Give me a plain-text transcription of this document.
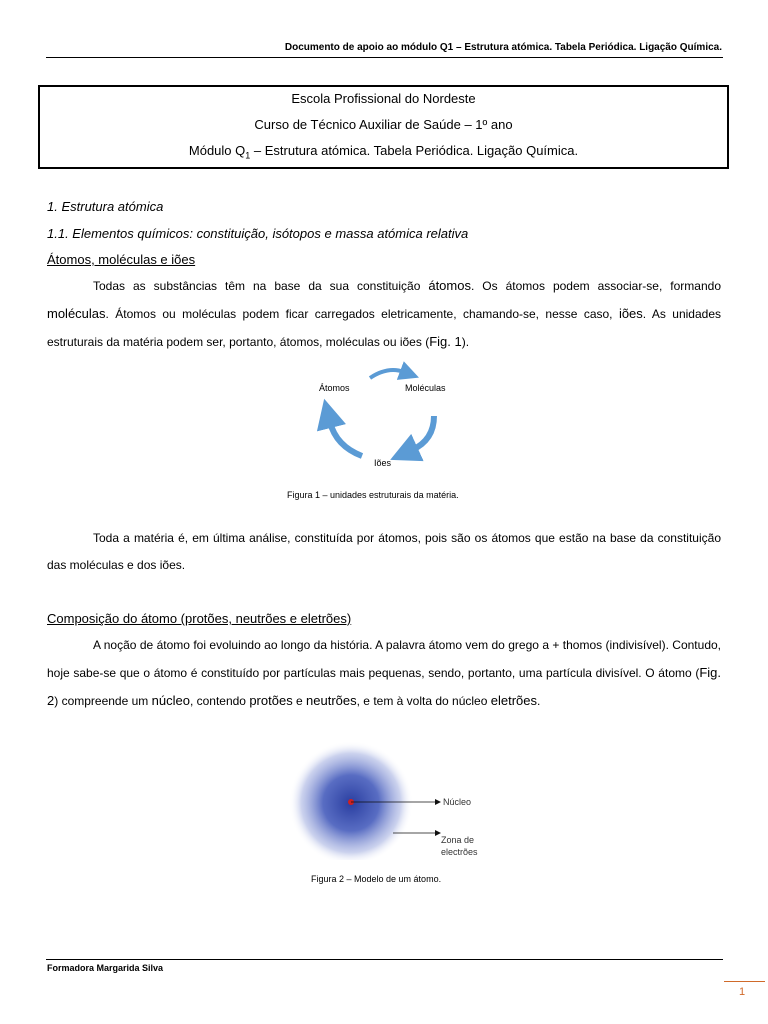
Documento de apoio ao módulo Q1 – Estrutura atómica. Tabela Periódica. Ligação Química.
Escola Profissional do Nordeste
Curso de Técnico Auxiliar de Saúde – 1º ano
Módulo $Q_1$ – Estrutura atómica. Tabela Periódica. Ligação Química.
1. Estrutura atómica
1.1. Elementos químicos: constituição, isótopos e massa atómica relativa
Átomos, moléculas e iões
Todas as substâncias têm na base da sua constituição átomos. Os átomos podem associar-se, formando moléculas. Átomos ou moléculas podem ficar carregados eletricamente, chamando-se, nesse caso, iões. As unidades estruturais da matéria podem ser, portanto, átomos, moléculas ou iões (Fig. 1).
Átomos	Moléculas
Iões
Figura 1 – unidades estruturais da matéria.
Toda a matéria é, em última análise, constituída por átomos, pois são os átomos que estão na base da constituição das moléculas e dos iões.
Composição do átomo (protões, neutrões e eletrões)
A noção de átomo foi evoluindo ao longo da história. A palavra átomo vem do grego a + thomos (indivisível). Contudo, hoje sabe-se que o átomo é constituído por partículas mais pequenas, sendo, portanto, uma partícula divisível. O átomo (Fig. 2) compreende um núcleo, contendo protões e neutrões, e tem à volta do núcleo eletrões.
Núcleo
Zona de
electrões
Figura 2 – Modelo de um átomo.
Formadora Margarida Silva
1
